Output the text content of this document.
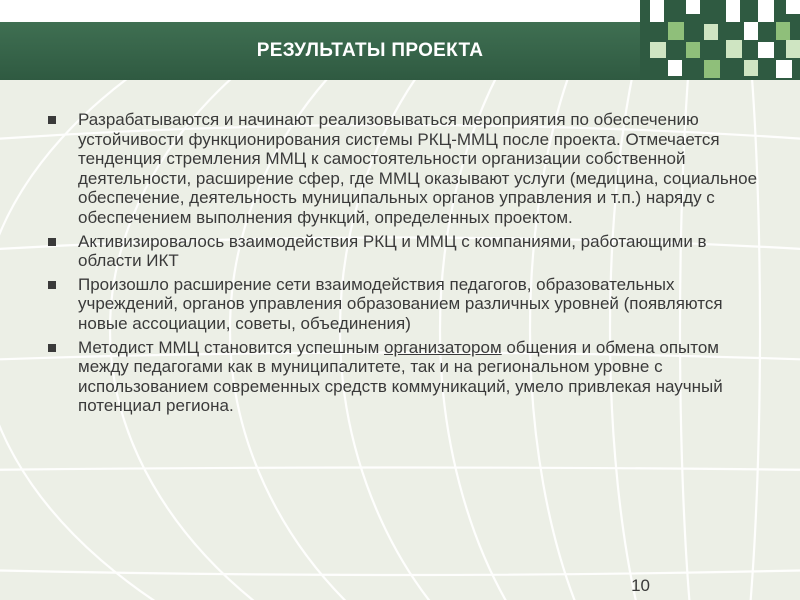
РЕЗУЛЬТАТЫ ПРОЕКТА
Разрабатываются и начинают реализовываться мероприятия по обеспечению устойчивости функционирования системы РКЦ-ММЦ после проекта. Отмечается тенденция стремления ММЦ к самостоятельности организации собственной деятельности, расширение сфер, где ММЦ оказывают услуги (медицина, социальное обеспечение, деятельность муниципальных органов управления и т.п.) наряду с обеспечением выполнения функций, определенных проектом.
Активизировалось взаимодействия РКЦ и ММЦ с компаниями, работающими в области ИКТ
Произошло расширение сети взаимодействия педагогов, образовательных учреждений, органов управления образованием различных уровней (появляются новые ассоциации, советы, объединения)
Методист ММЦ становится успешным организатором общения и обмена опытом между педагогами как в муниципалитете, так и на региональном уровне с использованием современных средств коммуникаций, умело привлекая научный потенциал региона.
10
